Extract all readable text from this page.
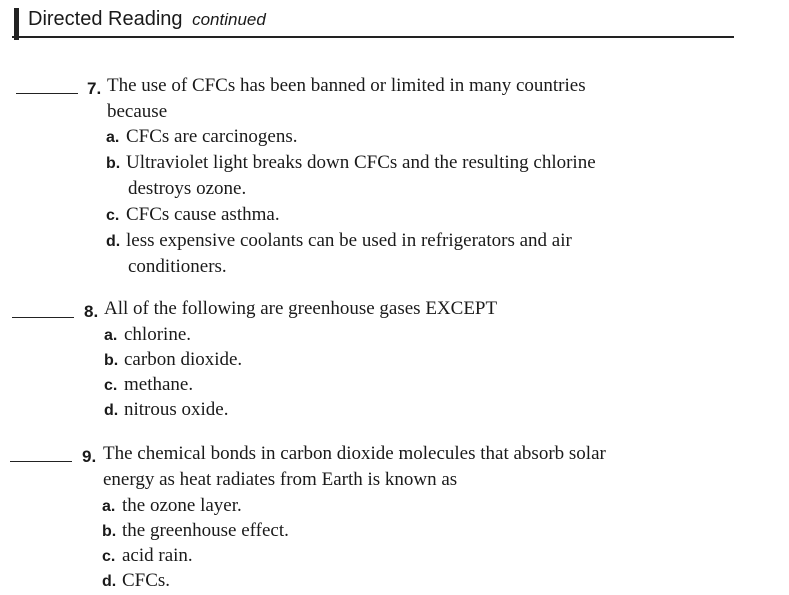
Directed Reading continued
7. The use of CFCs has been banned or limited in many countries
because
a. CFCs are carcinogens.
b. Ultraviolet light breaks down CFCs and the resulting chlorine
destroys ozone.
c. CFCs cause asthma.
d. less expensive coolants can be used in refrigerators and air
conditioners.
8. All of the following are greenhouse gases EXCEPT
a. chlorine.
b. carbon dioxide.
c. methane.
d. nitrous oxide.
9. The chemical bonds in carbon dioxide molecules that absorb solar
energy as heat radiates from Earth is known as
a. the ozone layer.
b. the greenhouse effect.
c. acid rain.
d. CFCs.
